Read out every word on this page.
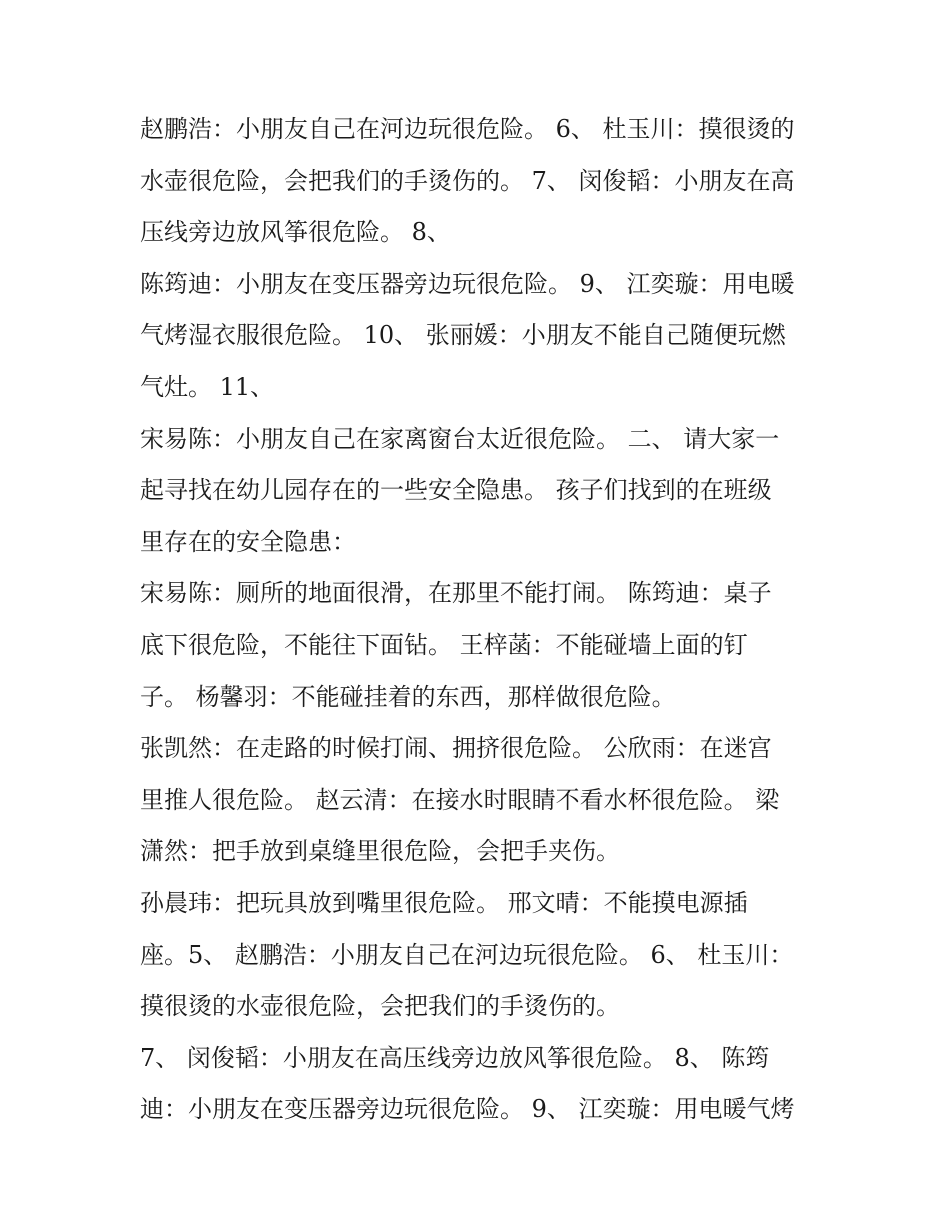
赵鹏浩：小朋友自己在河边玩很危险。 6、 杜玉川：摸很烫的
水壶很危险，会把我们的手烫伤的。 7、 闵俊韬：小朋友在高
压线旁边放风筝很危险。 8、
陈筠迪：小朋友在变压器旁边玩很危险。 9、 江奕璇：用电暖
气烤湿衣服很危险。 10、 张丽媛：小朋友不能自己随便玩燃
气灶。 11、
宋易陈：小朋友自己在家离窗台太近很危险。 二、 请大家一
起寻找在幼儿园存在的一些安全隐患。 孩子们找到的在班级
里存在的安全隐患：
宋易陈：厕所的地面很滑，在那里不能打闹。 陈筠迪：桌子
底下很危险，不能往下面钻。 王梓菡：不能碰墙上面的钉
子。 杨馨羽：不能碰挂着的东西，那样做很危险。
张凯然：在走路的时候打闹、拥挤很危险。 公欣雨：在迷宫
里推人很危险。 赵云清：在接水时眼睛不看水杯很危险。 梁
潇然：把手放到桌缝里很危险，会把手夹伤。
孙晨玮：把玩具放到嘴里很危险。 邢文晴：不能摸电源插
座。5、 赵鹏浩：小朋友自己在河边玩很危险。 6、 杜玉川：
摸很烫的水壶很危险，会把我们的手烫伤的。
7、 闵俊韬：小朋友在高压线旁边放风筝很危险。 8、 陈筠
迪：小朋友在变压器旁边玩很危险。 9、 江奕璇：用电暖气烤
